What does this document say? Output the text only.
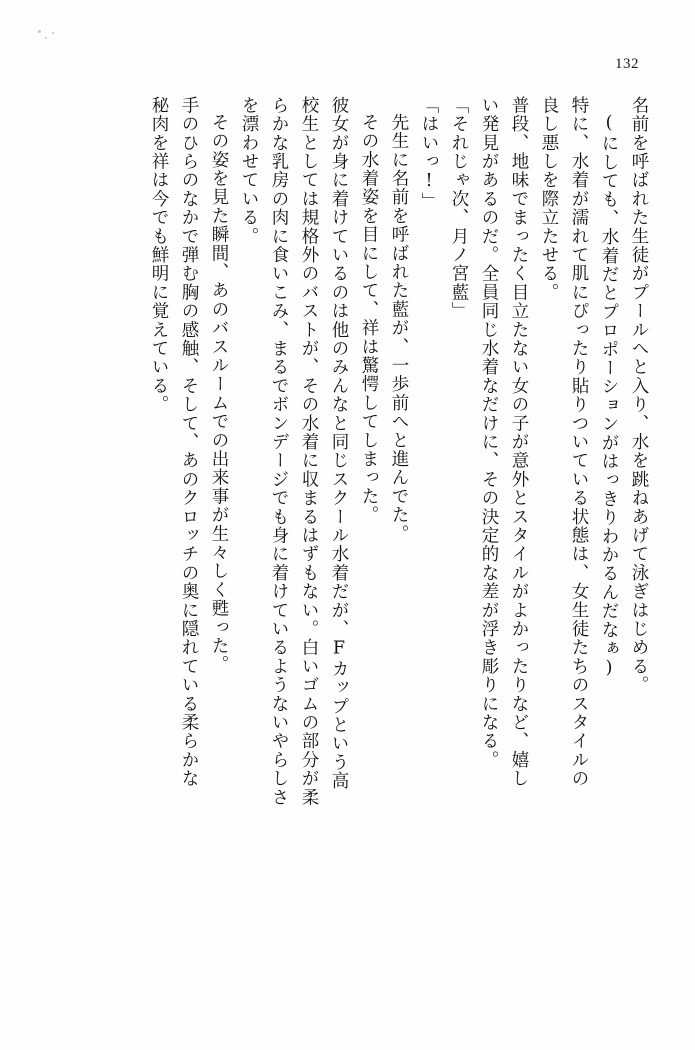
132
名前を呼ばれた生徒がプールへと入り、水を跳ねあげて泳ぎはじめる。
(にしても、水着だとプロポーションがはっきりわかるんだなぁ)
特に、水着が濡れて肌にぴったり貼りついている状態は、女生徒たちのスタイルの
良し悪しを際立たせる。
普段、地味でまったく目立たない女の子が意外とスタイルがよかったりなど、嬉し
い発見があるのだ。全員同じ水着なだけに、その決定的な差が浮き彫りになる。
「それじゃ次、月ノ宮藍」
「はいっ!」
先生に名前を呼ばれた藍が、一歩前へと進んでた。
その水着姿を目にして、祥は驚愕してしまった。
彼女が身に着けているのは他のみんなと同じスクール水着だが、Fカップという高
校生としては規格外のバストが、その水着に収まるはずもない。白いゴムの部分が柔
らかな乳房の肉に食いこみ、まるでボンデージでも身に着けているようないやらしさ
を漂わせている。
その姿を見た瞬間、あのバスルームでの出来事が生々しく甦った。
手のひらのなかで弾む胸の感触、そして、あのクロッチの奥に隠れている柔らかな
秘肉を祥は今でも鮮明に覚えている。
